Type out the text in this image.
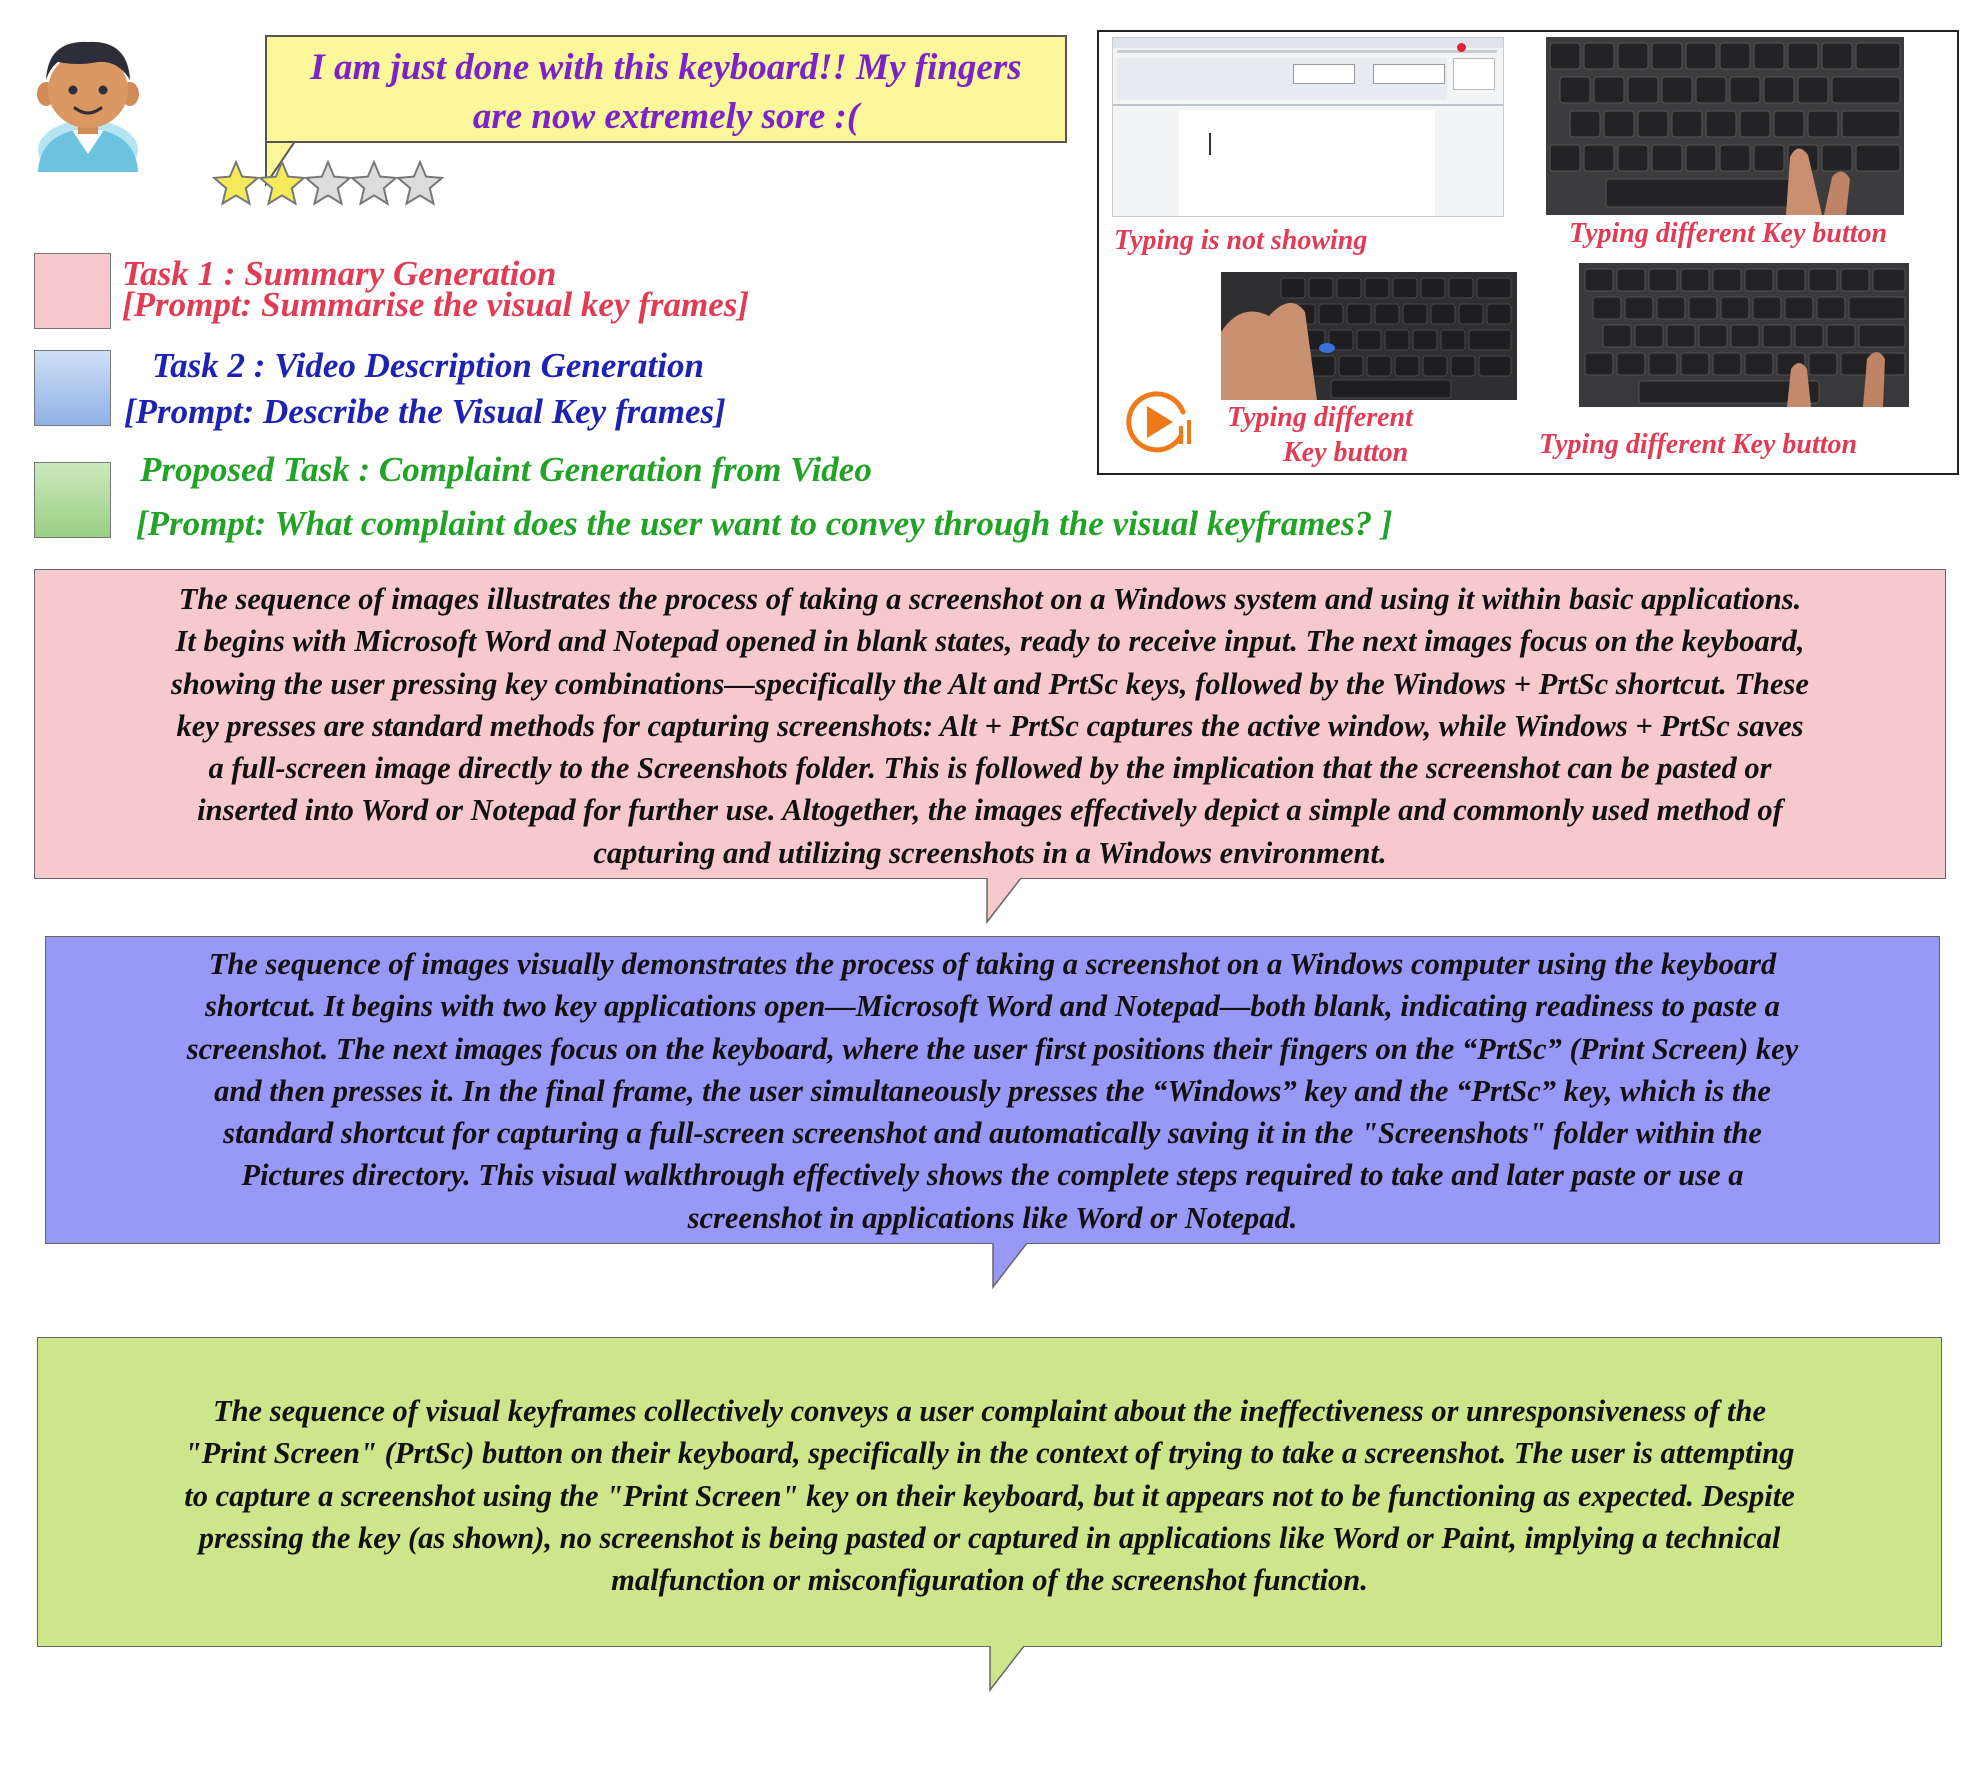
I am just done with this keyboard!! My fingers
are now extremely sore :(
Task 1 : Summary Generation
[Prompt: Summarise the visual key frames]
Task 2 : Video Description Generation
[Prompt: Describe the Visual Key frames]
Proposed Task : Complaint Generation from Video
[Prompt: What complaint does the user want to convey through the visual keyframes? ]
Typing is not showing	Typing different Key button
Typing different
Key button	Typing different Key button
The sequence of images illustrates the process of taking a screenshot on a Windows system and using it within basic applications.
It begins with Microsoft Word and Notepad opened in blank states, ready to receive input. The next images focus on the keyboard,
showing the user pressing key combinations—specifically the Alt and PrtSc keys, followed by the Windows + PrtSc shortcut. These
key presses are standard methods for capturing screenshots: Alt + PrtSc captures the active window, while Windows + PrtSc saves
a full-screen image directly to the Screenshots folder. This is followed by the implication that the screenshot can be pasted or
inserted into Word or Notepad for further use. Altogether, the images effectively depict a simple and commonly used method of
capturing and utilizing screenshots in a Windows environment.
The sequence of images visually demonstrates the process of taking a screenshot on a Windows computer using the keyboard
shortcut. It begins with two key applications open—Microsoft Word and Notepad—both blank, indicating readiness to paste a
screenshot. The next images focus on the keyboard, where the user first positions their fingers on the “PrtSc” (Print Screen) key
and then presses it. In the final frame, the user simultaneously presses the “Windows” key and the “PrtSc” key, which is the
standard shortcut for capturing a full-screen screenshot and automatically saving it in the "Screenshots" folder within the
Pictures directory. This visual walkthrough effectively shows the complete steps required to take and later paste or use a
screenshot in applications like Word or Notepad.
The sequence of visual keyframes collectively conveys a user complaint about the ineffectiveness or unresponsiveness of the
"Print Screen" (PrtSc) button on their keyboard, specifically in the context of trying to take a screenshot. The user is attempting
to capture a screenshot using the "Print Screen" key on their keyboard, but it appears not to be functioning as expected. Despite
pressing the key (as shown), no screenshot is being pasted or captured in applications like Word or Paint, implying a technical
malfunction or misconfiguration of the screenshot function.
